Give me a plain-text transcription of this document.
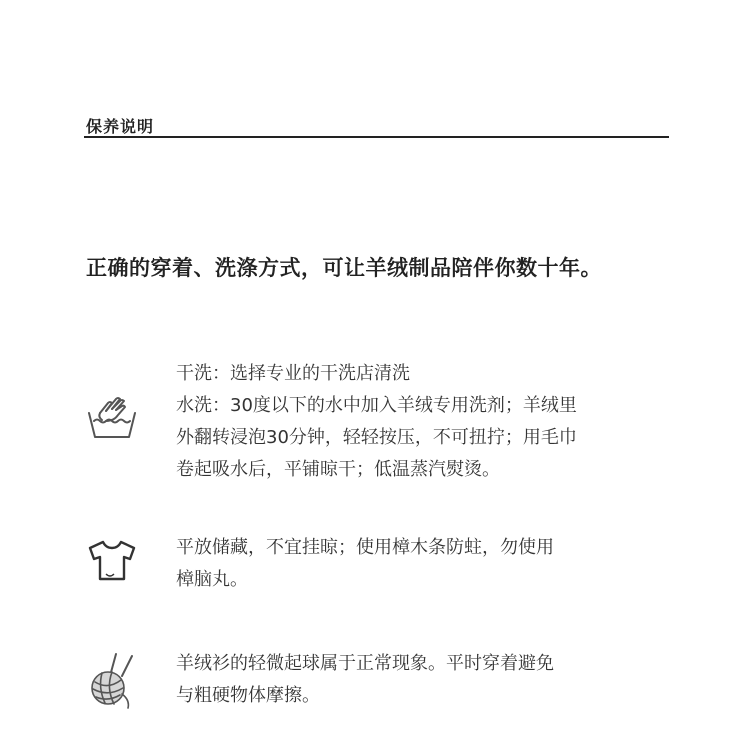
保养说明
正确的穿着、洗涤方式，可让羊绒制品陪伴你数十年。

干洗：选择专业的干洗店清洗

水洗：30度以下的水中加入羊绒专用洗剂；羊绒里

外翻转浸泡30分钟，轻轻按压，不可扭拧；用毛巾

卷起吸水后，平铺晾干；低温蒸汽熨烫。

平放储藏，不宜挂晾；使用樟木条防蛀，勿使用

樟脑丸。

羊绒衫的轻微起球属于正常现象。平时穿着避免

与粗硬物体摩擦。
